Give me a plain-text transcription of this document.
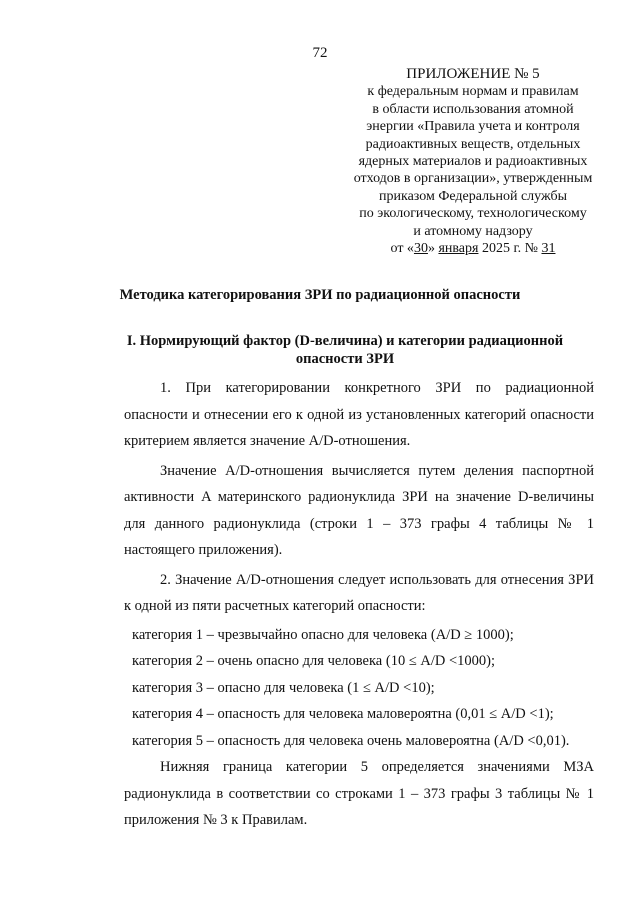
72
ПРИЛОЖЕНИЕ № 5
к федеральным нормам и правилам
в области использования атомной
энергии «Правила учета и контроля
радиоактивных веществ, отдельных
ядерных материалов и радиоактивных
отходов в организации», утвержденным
приказом Федеральной службы
по экологическому, технологическому
и атомному надзору
от «30» января 2025 г. № 31
Методика категорирования ЗРИ по радиационной опасности
I. Нормирующий фактор (D-величина) и категории радиационной
опасности ЗРИ

1. При категорировании конкретного ЗРИ по радиационной опасности и отнесении его к одной из установленных категорий опасности критерием является значение A/D-отношения.

Значение A/D-отношения вычисляется путем деления паспортной активности A материнского радионуклида ЗРИ на значение D-величины для данного радионуклида (строки 1 – 373 графы 4 таблицы № 1 настоящего приложения).

2. Значение A/D-отношения следует использовать для отнесения ЗРИ к одной из пяти расчетных категорий опасности:

категория 1 – чрезвычайно опасно для человека (A/D ≥ 1000);
категория 2 – очень опасно для человека (10 ≤ A/D <1000);
категория 3 – опасно для человека (1 ≤ A/D <10);
категория 4 – опасность для человека маловероятна (0,01 ≤ A/D <1);
категория 5 – опасность для человека очень маловероятна (A/D <0,01).

Нижняя граница категории 5 определяется значениями МЗА радионуклида в соответствии со строками 1 – 373 графы 3 таблицы № 1 приложения № 3 к Правилам.
